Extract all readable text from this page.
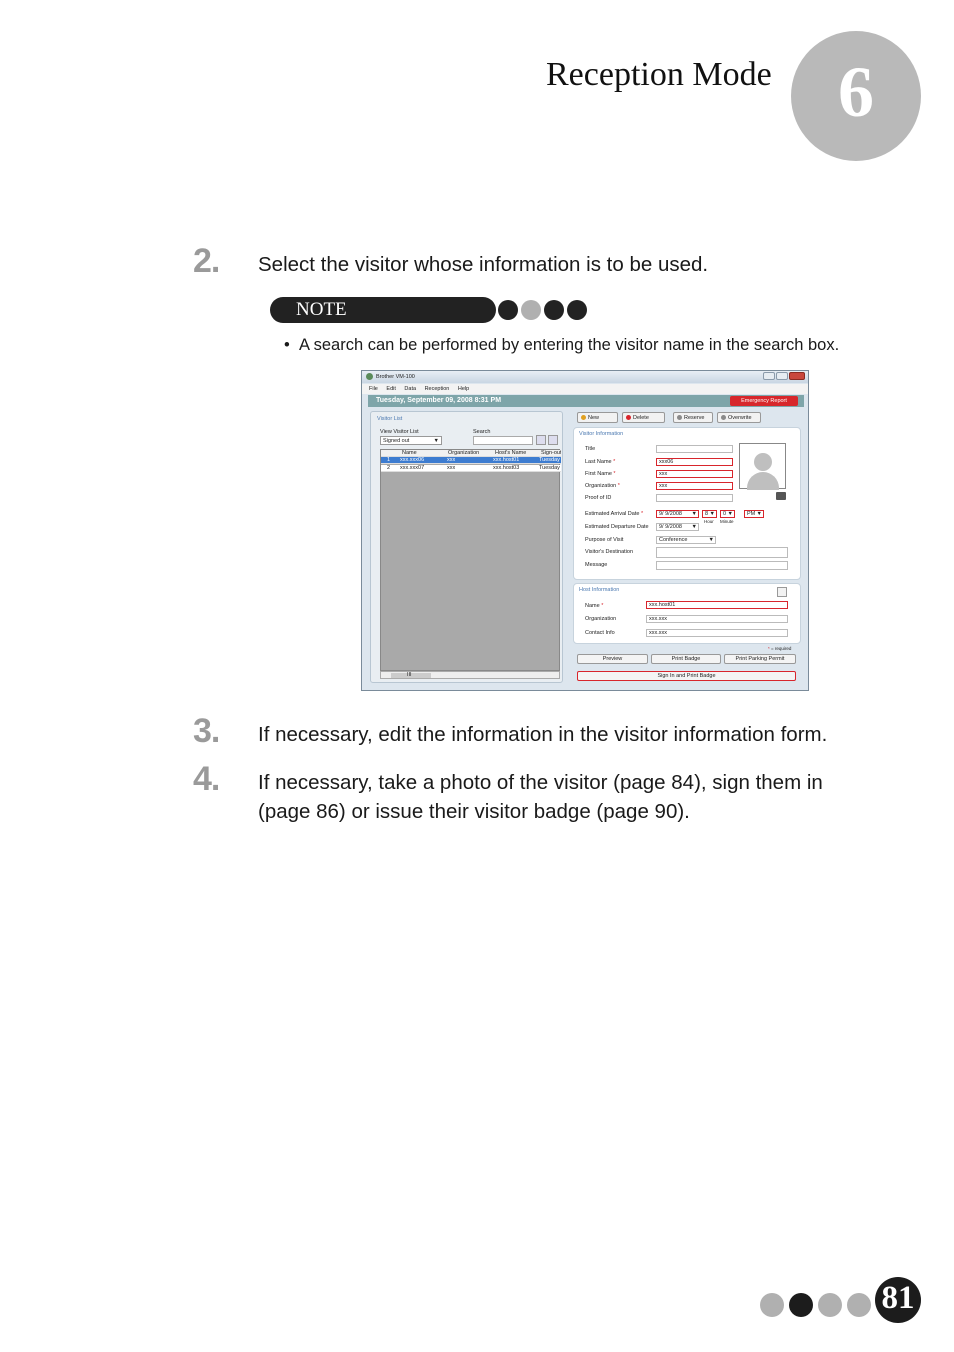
Reception Mode 6
2. Select the visitor whose information is to be used.
NOTE
•  A search can be performed by entering the visitor name in the search box.
Brother VM-100
File Edit Data Reception Help
Tuesday, September 09, 2008 8:31 PM	Emergency Report
Visitor List
View Visitor List	Search
Signed out	▼
Name	Organization	Host's Name	Sign-out
1 xxx.xxx06	xxx	xxx.host01	Tuesday
2 xxx.xxx07	xxx	xxx.host03	Tuesday
III
New	Delete	Reserve	Overwrite
Visitor Information
Title
Last Name *	xxx06
First Name *	xxx
Organization *	xxx
Proof of ID
Estimated Arrival Date *	9/ 9/2008 ▼	8 ▼	0 ▼	PM ▼
Hour Minute
Estimated Departure Date	9/ 9/2008 ▼
Purpose of Visit	Conference	▼
Visitor's Destination
Message
Host Information
Name *	xxx.host01
Organization	xxx.xxx
Contact Info	xxx.xxx
* = required
Preview	Print Badge	Print Parking Permit
Sign In and Print Badge
3. If necessary, edit the information in the visitor information form.
4. If necessary, take a photo of the visitor (page 84), sign them in
(page 86) or issue their visitor badge (page 90).
81
